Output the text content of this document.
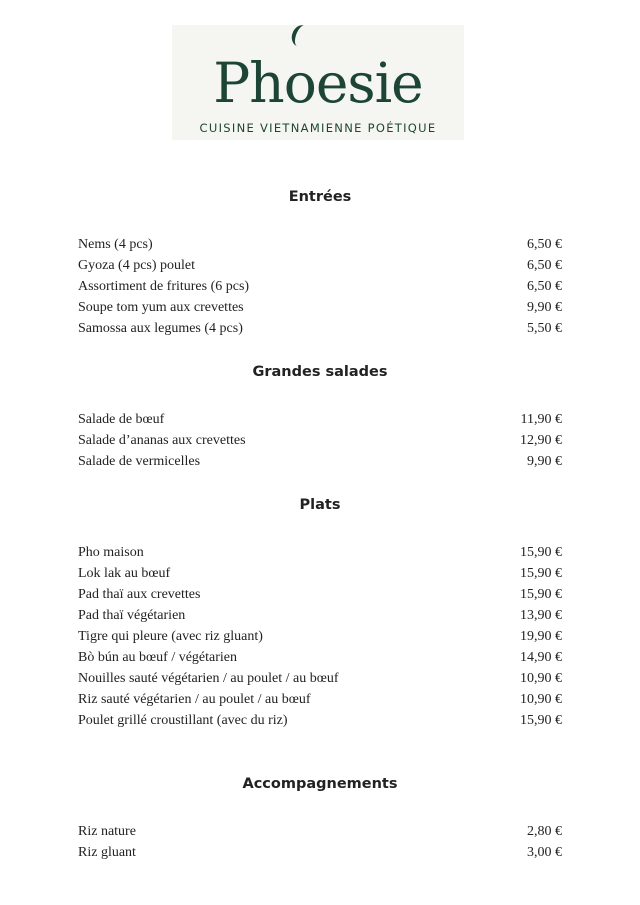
Pho
esie
CUISINE VIETNAMIENNE POÉTIQUE
Entrées
Nems (4 pcs)	6,50 €
Gyoza (4 pcs) poulet	6,50 €
Assortiment de fritures (6 pcs)	6,50 €
Soupe tom yum aux crevettes	9,90 €
Samossa aux legumes (4 pcs)	5,50 €
Grandes salades
Salade de bœuf	11,90 €
Salade d’ananas aux crevettes	12,90 €
Salade de vermicelles	9,90 €
Plats
Pho maison	15,90 €
Lok lak au bœuf	15,90 €
Pad thaï aux crevettes	15,90 €
Pad thaï végétarien	13,90 €
Tigre qui pleure (avec riz gluant)	19,90 €
Bò bún au bœuf / végétarien	14,90 €
Nouilles sauté végétarien / au poulet / au bœuf	10,90 €
Riz sauté végétarien / au poulet / au bœuf	10,90 €
Poulet grillé croustillant (avec du riz)	15,90 €
Accompagnements
Riz nature	2,80 €
Riz gluant	3,00 €
